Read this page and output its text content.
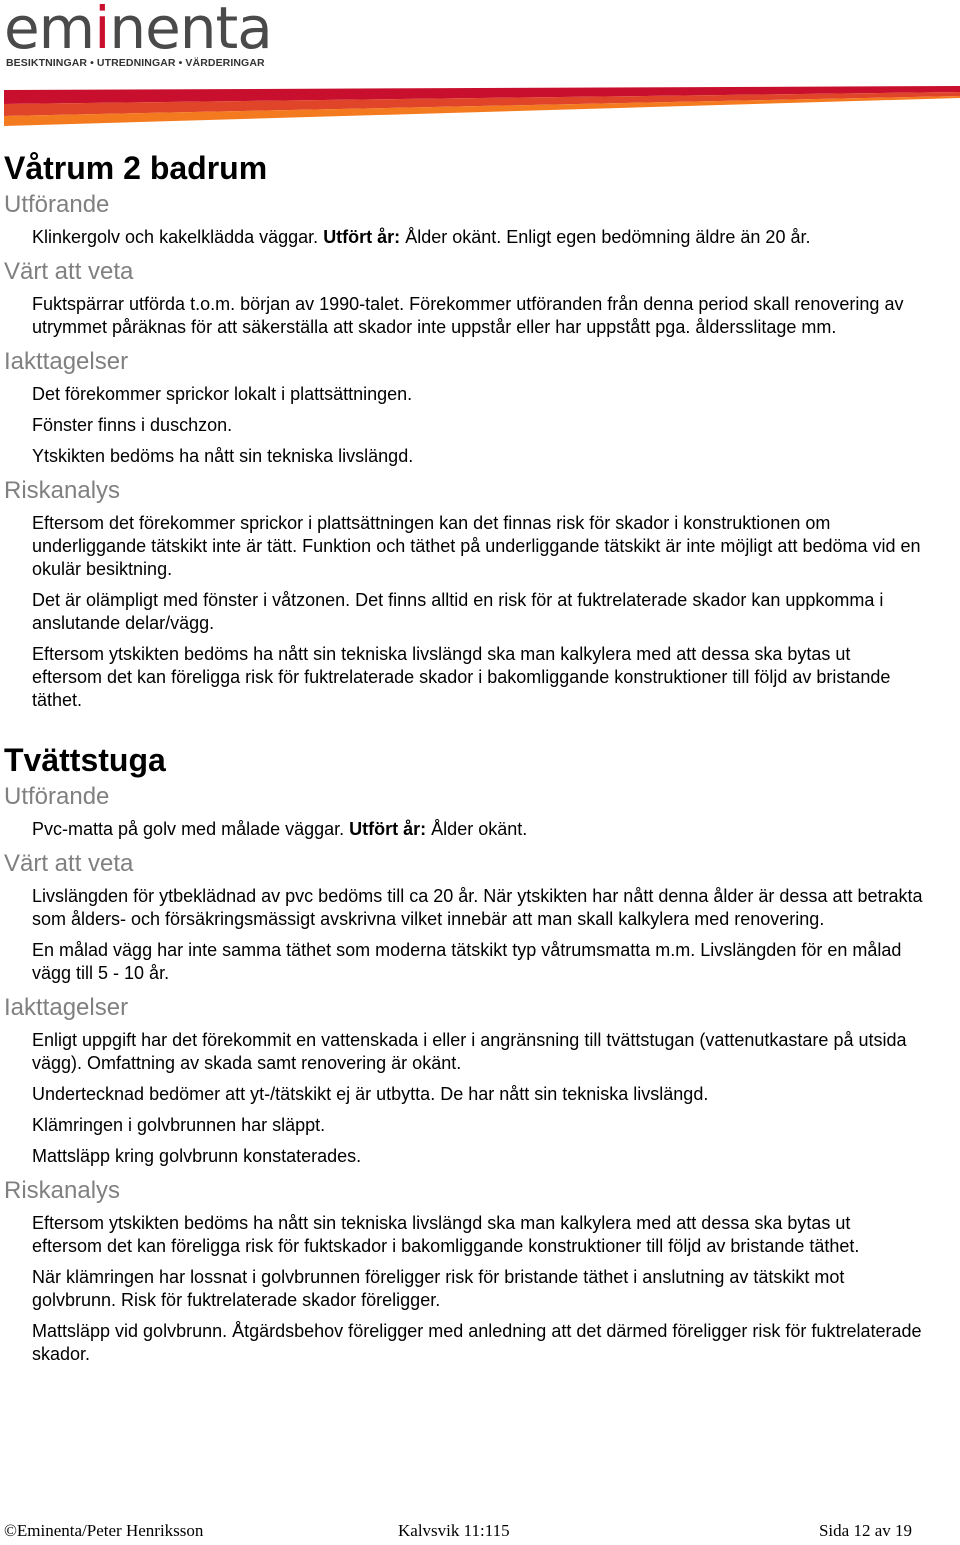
eminenta
BESIKTNINGAR • UTREDNINGAR • VÄRDERINGAR
Våtrum 2 badrum
Utförande

Klinkergolv och kakelklädda väggar. Utfört år: Ålder okänt. Enligt egen bedömning äldre än 20 år.

Värt att veta

Fuktspärrar utförda t.o.m. början av 1990-talet. Förekommer utföranden från denna period skall renovering av utrymmet påräknas för att säkerställa att skador inte uppstår eller har uppstått pga. åldersslitage mm.

Iakttagelser

Det förekommer sprickor lokalt i plattsättningen.

Fönster finns i duschzon.

Ytskikten bedöms ha nått sin tekniska livslängd.

Riskanalys

Eftersom det förekommer sprickor i plattsättningen kan det finnas risk för skador i konstruktionen om underliggande tätskikt inte är tätt. Funktion och täthet på underliggande tätskikt är inte möjligt att bedöma vid en okulär besiktning.

Det är olämpligt med fönster i våtzonen. Det finns alltid en risk för at fuktrelaterade skador kan uppkomma i anslutande delar/vägg.

Eftersom ytskikten bedöms ha nått sin tekniska livslängd ska man kalkylera med att dessa ska bytas ut eftersom det kan föreligga risk för fuktrelaterade skador i bakomliggande konstruktioner till följd av bristande täthet.

Tvättstuga
Utförande

Pvc-matta på golv med målade väggar. Utfört år: Ålder okänt.

Värt att veta

Livslängden för ytbeklädnad av pvc bedöms till ca 20 år. När ytskikten har nått denna ålder är dessa att betrakta som ålders- och försäkringsmässigt avskrivna vilket innebär att man skall kalkylera med renovering.

En målad vägg har inte samma täthet som moderna tätskikt typ våtrumsmatta m.m. Livslängden för en målad vägg till 5 - 10 år.

Iakttagelser

Enligt uppgift har det förekommit en vattenskada i eller i angränsning till tvättstugan (vattenutkastare på utsida vägg). Omfattning av skada samt renovering är okänt.

Undertecknad bedömer att yt-/tätskikt ej är utbytta. De har nått sin tekniska livslängd.

Klämringen i golvbrunnen har släppt.

Mattsläpp kring golvbrunn konstaterades.

Riskanalys

Eftersom ytskikten bedöms ha nått sin tekniska livslängd ska man kalkylera med att dessa ska bytas ut eftersom det kan föreligga risk för fuktskador i bakomliggande konstruktioner till följd av bristande täthet.

När klämringen har lossnat i golvbrunnen föreligger risk för bristande täthet i anslutning av tätskikt mot golvbrunn. Risk för fuktrelaterade skador föreligger.

Mattsläpp vid golvbrunn. Åtgärdsbehov föreligger med anledning att det därmed föreligger risk för fuktrelaterade skador.

©Eminenta/Peter Henriksson	Kalvsvik 11:115	Sida 12 av 19
